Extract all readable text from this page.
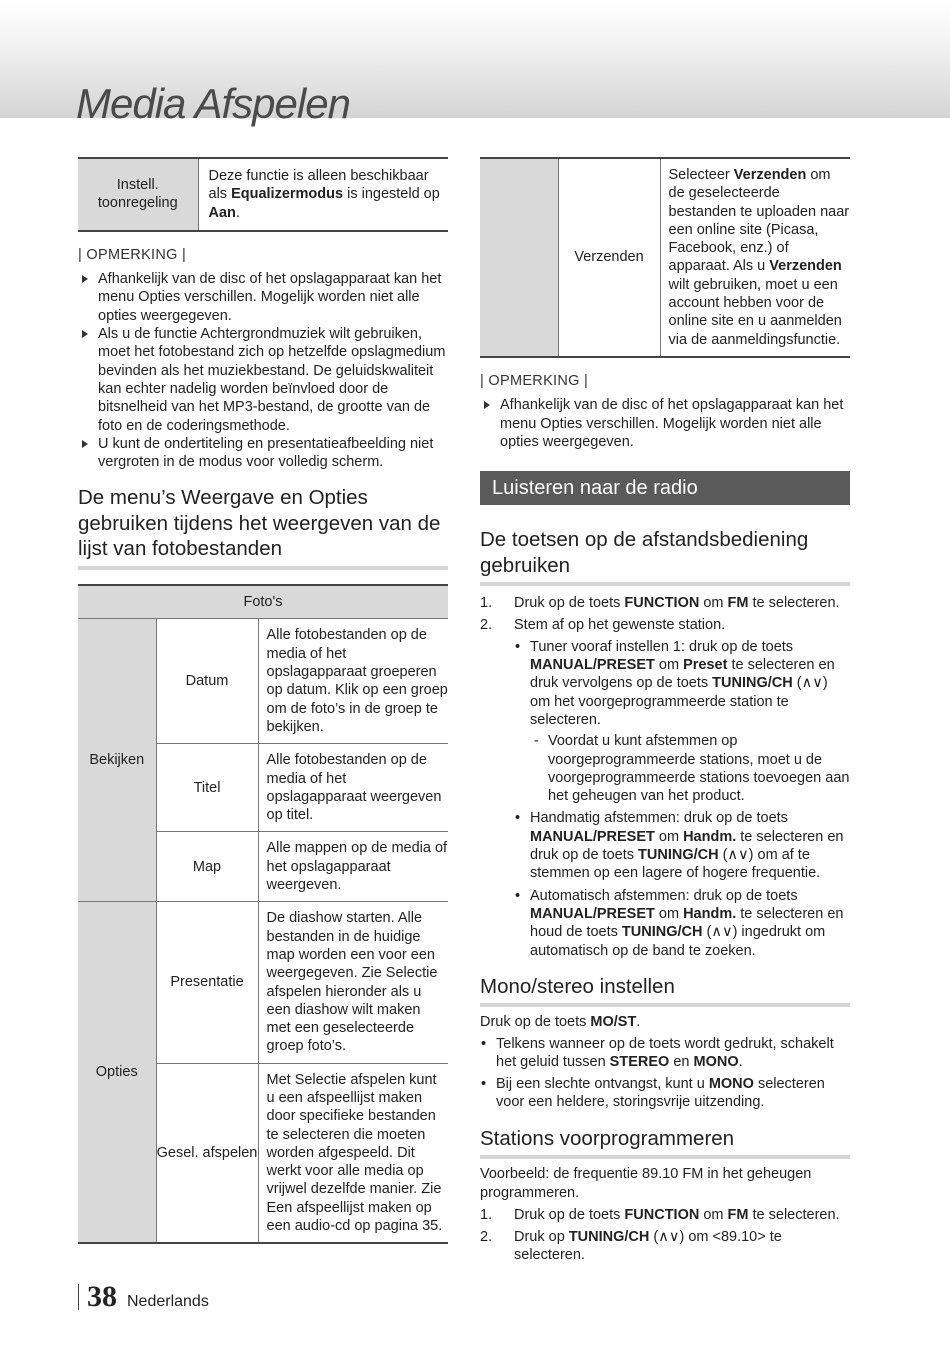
Media Afspelen
Instell. toonregeling	Deze functie is alleen beschikbaar als Equalizermodus is ingesteld op Aan.
| OPMERKING |
Afhankelijk van de disc of het opslagapparaat kan het menu Opties verschillen. Mogelijk worden niet alle opties weergegeven.
Als u de functie Achtergrondmuziek wilt gebruiken, moet het fotobestand zich op hetzelfde opslagmedium bevinden als het muziekbestand. De geluidskwaliteit kan echter nadelig worden beïnvloed door de bitsnelheid van het MP3-bestand, de grootte van de foto en de coderingsmethode.
U kunt de ondertiteling en presentatieafbeelding niet vergroten in de modus voor volledig scherm.
De menu’s Weergave en Opties gebruiken tijdens het weergeven van de lijst van fotobestanden
Foto's		
Bekijken	Datum	Alle fotobestanden op de media of het opslagapparaat groeperen op datum. Klik op een groep om de foto’s in de groep te bekijken.
	Titel	Alle fotobestanden op de media of het opslagapparaat weergeven op titel.
	Map	Alle mappen op de media of het opslagapparaat weergeven.
Opties	Presentatie	De diashow starten. Alle bestanden in de huidige map worden een voor een weergegeven. Zie Selectie afspelen hieronder als u een diashow wilt maken met een geselecteerde groep foto’s.
	Gesel. afspelen	Met Selectie afspelen kunt u een afspeellijst maken door specifieke bestanden te selecteren die moeten worden afgespeeld. Dit werkt voor alle media op vrijwel dezelfde manier. Zie Een afspeellijst maken op een audio-cd op pagina 35.
	Verzenden	Selecteer Verzenden om de geselecteerde bestanden te uploaden naar een online site (Picasa, Facebook, enz.) of apparaat. Als u Verzenden wilt gebruiken, moet u een account hebben voor de online site en u aanmelden via de aanmeldingsfunctie.
| OPMERKING |
Afhankelijk van de disc of het opslagapparaat kan het menu Opties verschillen. Mogelijk worden niet alle opties weergegeven.
Luisteren naar de radio
De toetsen op de afstandsbediening gebruiken
1. Druk op de toets FUNCTION om FM te selecteren.
2. Stem af op het gewenste station.
• Tuner vooraf instellen 1: druk op de toets MANUAL/PRESET om Preset te selecteren en druk vervolgens op de toets TUNING/CH (∧∨) om het voorgeprogrammeerde station te selecteren.
- Voordat u kunt afstemmen op voorgeprogrammeerde stations, moet u de voorgeprogrammeerde stations toevoegen aan het geheugen van het product.
• Handmatig afstemmen: druk op de toets MANUAL/PRESET om Handm. te selecteren en druk op de toets TUNING/CH (∧∨) om af te stemmen op een lagere of hogere frequentie.
• Automatisch afstemmen: druk op de toets MANUAL/PRESET om Handm. te selecteren en houd de toets TUNING/CH (∧∨) ingedrukt om automatisch op de band te zoeken.
Mono/stereo instellen
Druk op de toets MO/ST.
• Telkens wanneer op de toets wordt gedrukt, schakelt het geluid tussen STEREO en MONO.
• Bij een slechte ontvangst, kunt u MONO selecteren voor een heldere, storingsvrije uitzending.
Stations voorprogrammeren
Voorbeeld: de frequentie 89.10 FM in het geheugen programmeren.
1. Druk op de toets FUNCTION om FM te selecteren.
2. Druk op TUNING/CH (∧∨) om <89.10> te selecteren.
38 Nederlands
